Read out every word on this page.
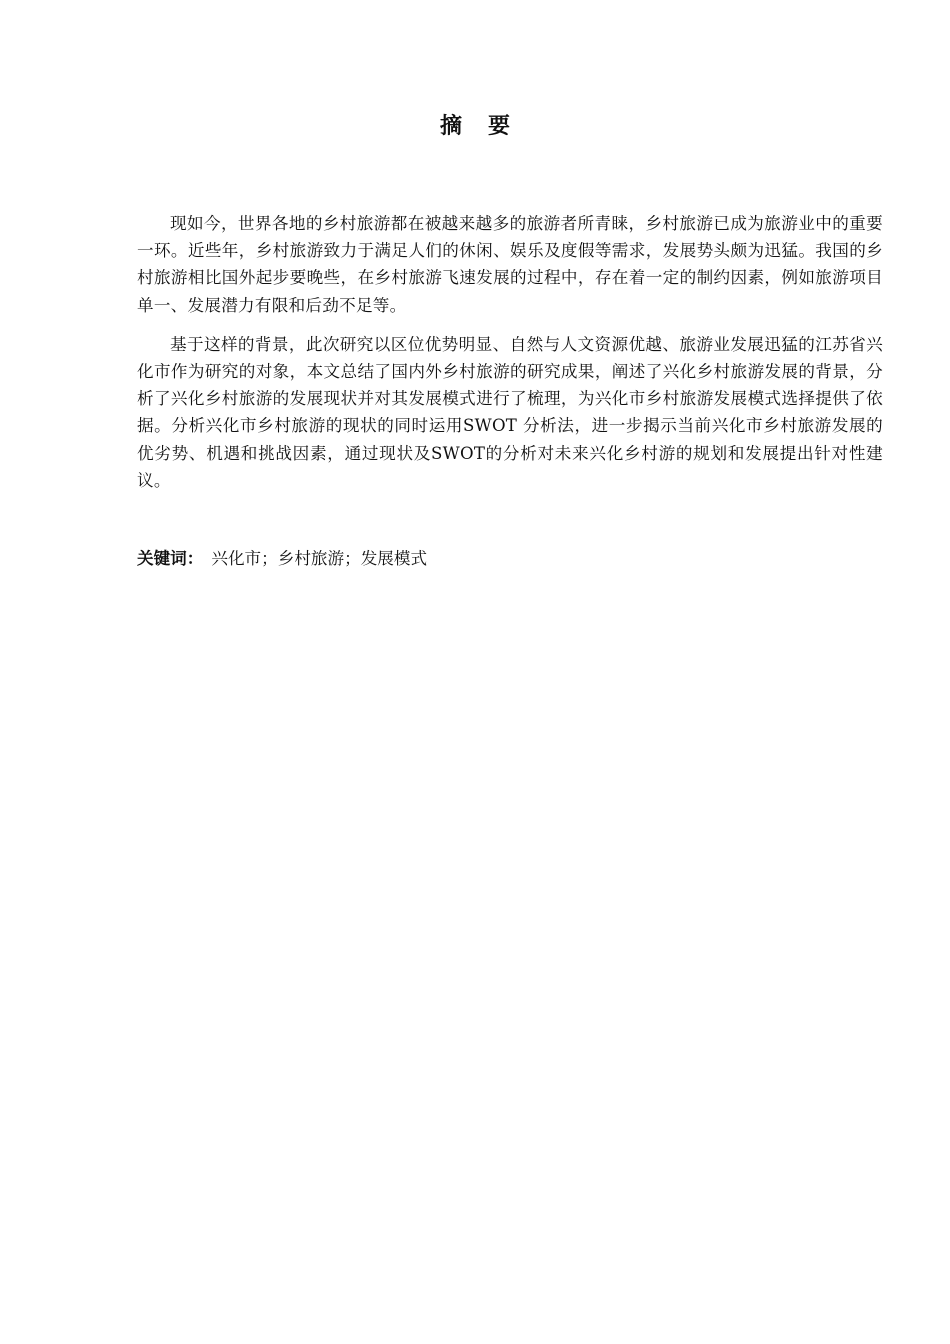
摘要

现如今，世界各地的乡村旅游都在被越来越多的旅游者所青睐，乡村旅游已成为旅游业中的重要一环。近些年，乡村旅游致力于满足人们的休闲、娱乐及度假等需求，发展势头颇为迅猛。我国的乡村旅游相比国外起步要晚些，在乡村旅游飞速发展的过程中，存在着一定的制约因素，例如旅游项目单一、发展潜力有限和后劲不足等。

基于这样的背景，此次研究以区位优势明显、自然与人文资源优越、旅游业发展迅猛的江苏省兴化市作为研究的对象，本文总结了国内外乡村旅游的研究成果，阐述了兴化乡村旅游发展的背景，分析了兴化乡村旅游的发展现状并对其发展模式进行了梳理，为兴化市乡村旅游发展模式选择提供了依据。分析兴化市乡村旅游的现状的同时运用SWOT 分析法，进一步揭示当前兴化市乡村旅游发展的优劣势、机遇和挑战因素，通过现状及SWOT的分析对未来兴化乡村游的规划和发展提出针对性建议。

关键词： 兴化市；乡村旅游；发展模式
